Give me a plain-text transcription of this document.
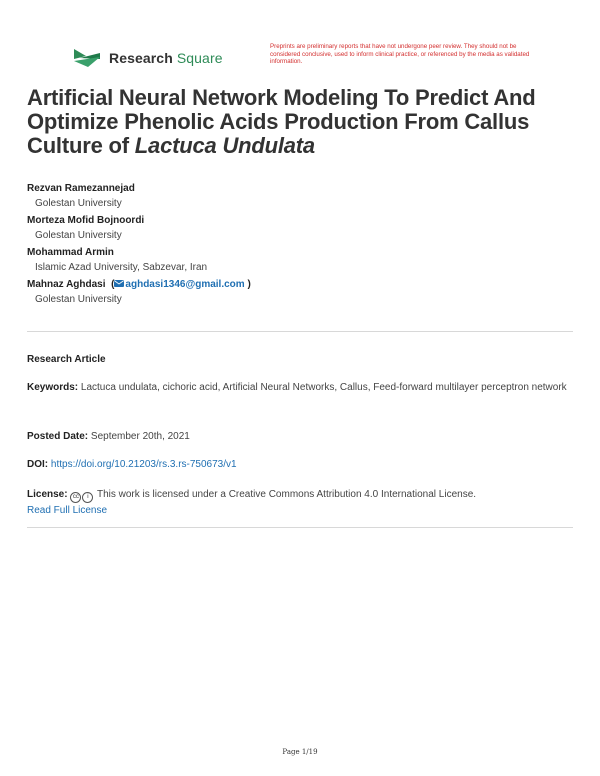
Research Square
Preprints are preliminary reports that have not undergone peer review. They should not be considered conclusive, used to inform clinical practice, or referenced by the media as validated information.
Artificial Neural Network Modeling To Predict And
Optimize Phenolic Acids Production From Callus
Culture of Lactuca Undulata
Rezvan Ramezannejad
Golestan University
Morteza Mofid Bojnoordi
Golestan University
Mohammad Armin
Islamic Azad University, Sabzevar, Iran
Mahnaz Aghdasi  ( aghdasi1346@gmail.com )
Golestan University
Research Article
Keywords: Lactuca undulata, cichoric acid, Artificial Neural Networks, Callus, Feed-forward multilayer perceptron network
Posted Date: September 20th, 2021
DOI: https://doi.org/10.21203/rs.3.rs-750673/v1
License: cc i This work is licensed under a Creative Commons Attribution 4.0 International License.
Read Full License
Page 1/19
